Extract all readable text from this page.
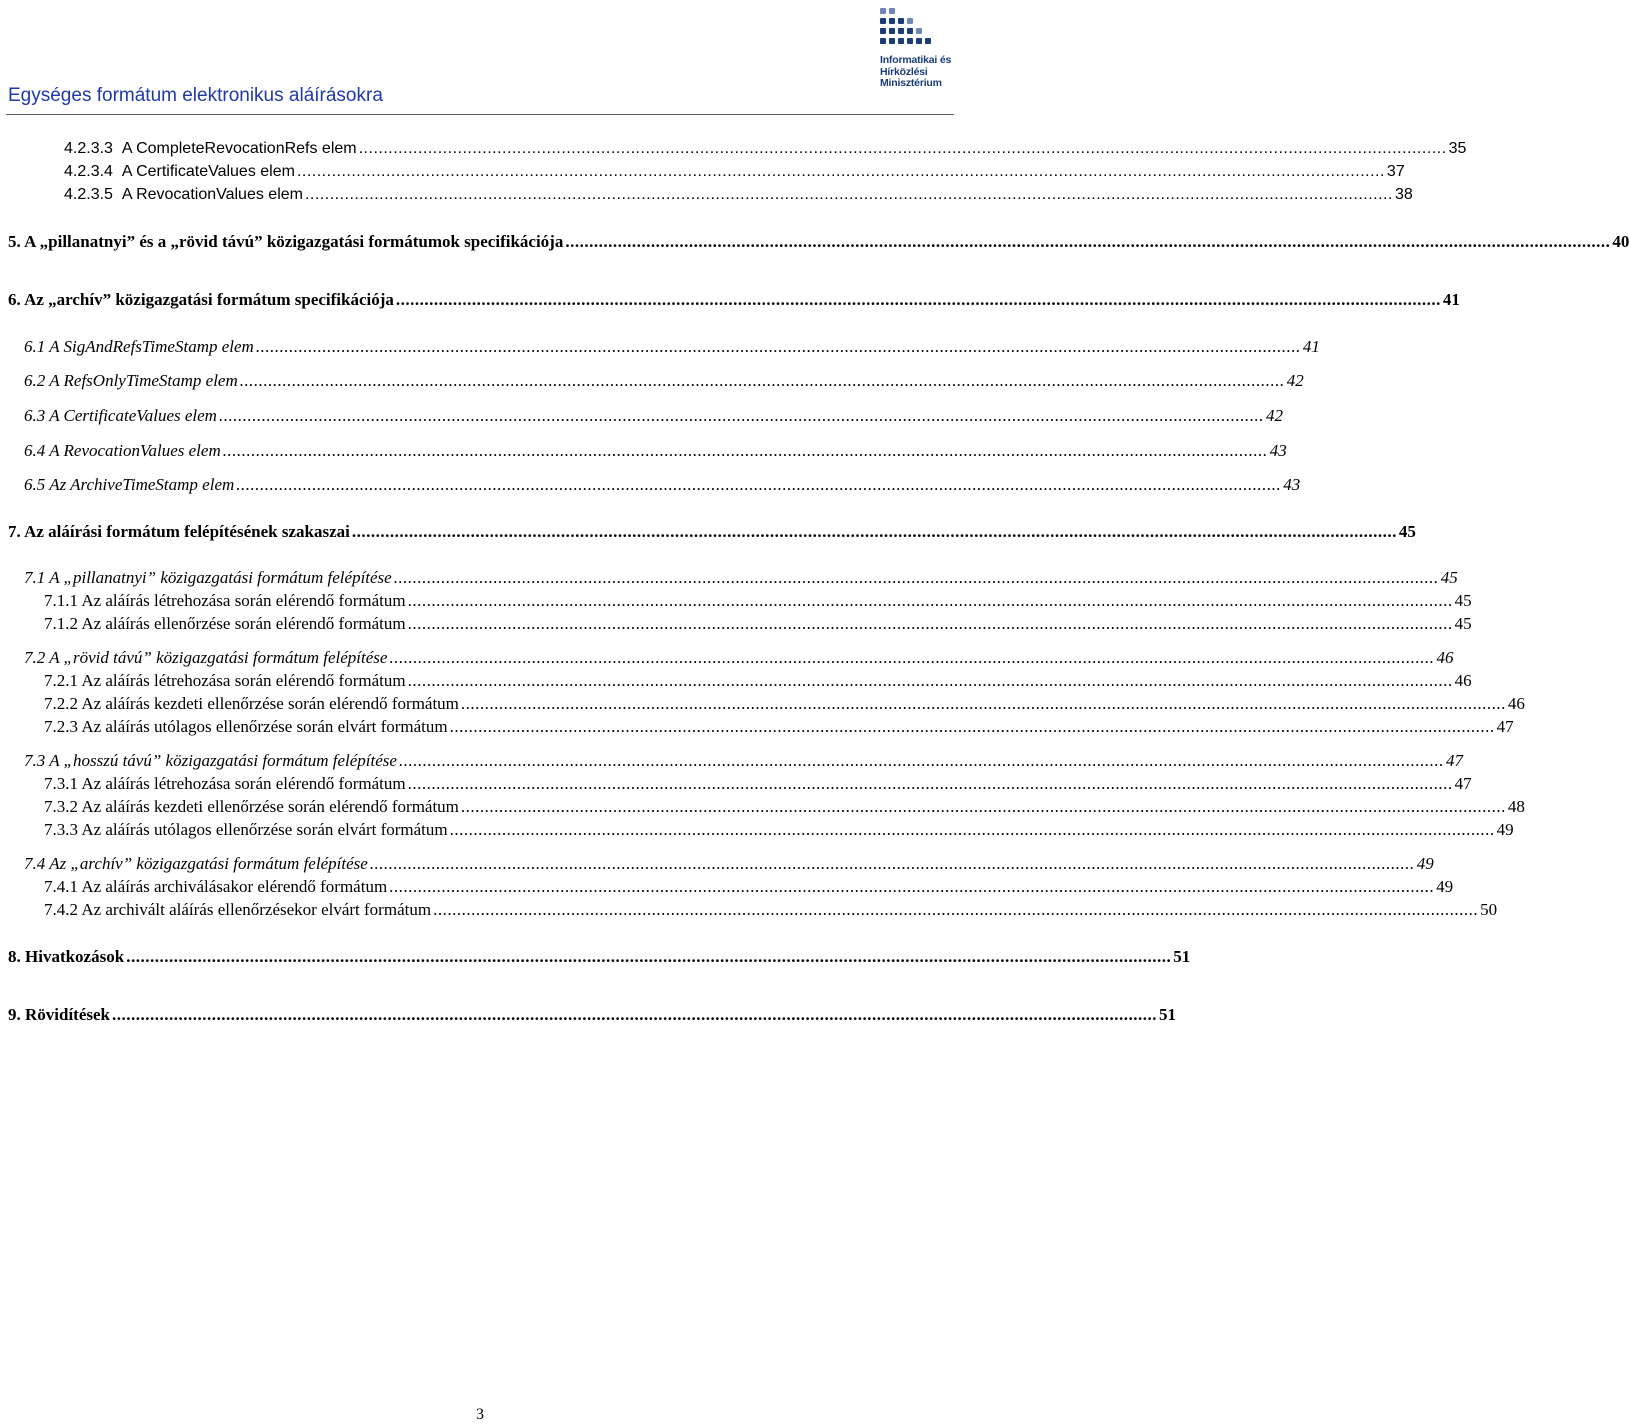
Egységes formátum elektronikus aláírásokra
Informatikai és
Hírközlési
Minisztérium
4.2.3.3 A CompleteRevocationRefs elem ............................................................................................................................................................................................................................ 35
4.2.3.4 A CertificateValues elem ............................................................................................................................................................................................................................ 37
4.2.3.5 A RevocationValues elem ............................................................................................................................................................................................................................ 38
5. A „pillanatnyi” és a „rövid távú” közigazgatási formátumok specifikációja ............................................................................................................................................................................................................................ 40
6. Az „archív” közigazgatási formátum specifikációja ............................................................................................................................................................................................................................ 41
6.1 A SigAndRefsTimeStamp elem ............................................................................................................................................................................................................................ 41
6.2 A RefsOnlyTimeStamp elem ............................................................................................................................................................................................................................ 42
6.3 A CertificateValues elem ............................................................................................................................................................................................................................ 42
6.4 A RevocationValues elem ............................................................................................................................................................................................................................ 43
6.5 Az ArchiveTimeStamp elem ............................................................................................................................................................................................................................ 43
7. Az aláírási formátum felépítésének szakaszai ............................................................................................................................................................................................................................ 45
7.1 A „pillanatnyi” közigazgatási formátum felépítése ............................................................................................................................................................................................................................ 45
7.1.1 Az aláírás létrehozása során elérendő formátum ............................................................................................................................................................................................................................ 45
7.1.2 Az aláírás ellenőrzése során elérendő formátum ............................................................................................................................................................................................................................ 45
7.2 A „rövid távú” közigazgatási formátum felépítése ............................................................................................................................................................................................................................ 46
7.2.1 Az aláírás létrehozása során elérendő formátum ............................................................................................................................................................................................................................ 46
7.2.2 Az aláírás kezdeti ellenőrzése során elérendő formátum ............................................................................................................................................................................................................................ 46
7.2.3 Az aláírás utólagos ellenőrzése során elvárt formátum ............................................................................................................................................................................................................................ 47
7.3 A „hosszú távú” közigazgatási formátum felépítése ............................................................................................................................................................................................................................ 47
7.3.1 Az aláírás létrehozása során elérendő formátum ............................................................................................................................................................................................................................ 47
7.3.2 Az aláírás kezdeti ellenőrzése során elérendő formátum ............................................................................................................................................................................................................................ 48
7.3.3 Az aláírás utólagos ellenőrzése során elvárt formátum ............................................................................................................................................................................................................................ 49
7.4 Az „archív” közigazgatási formátum felépítése ............................................................................................................................................................................................................................ 49
7.4.1 Az aláírás archiválásakor elérendő formátum ............................................................................................................................................................................................................................ 49
7.4.2 Az archivált aláírás ellenőrzésekor elvárt formátum ............................................................................................................................................................................................................................ 50
8. Hivatkozások ............................................................................................................................................................................................................................ 51
9. Rövidítések ............................................................................................................................................................................................................................ 51
3
